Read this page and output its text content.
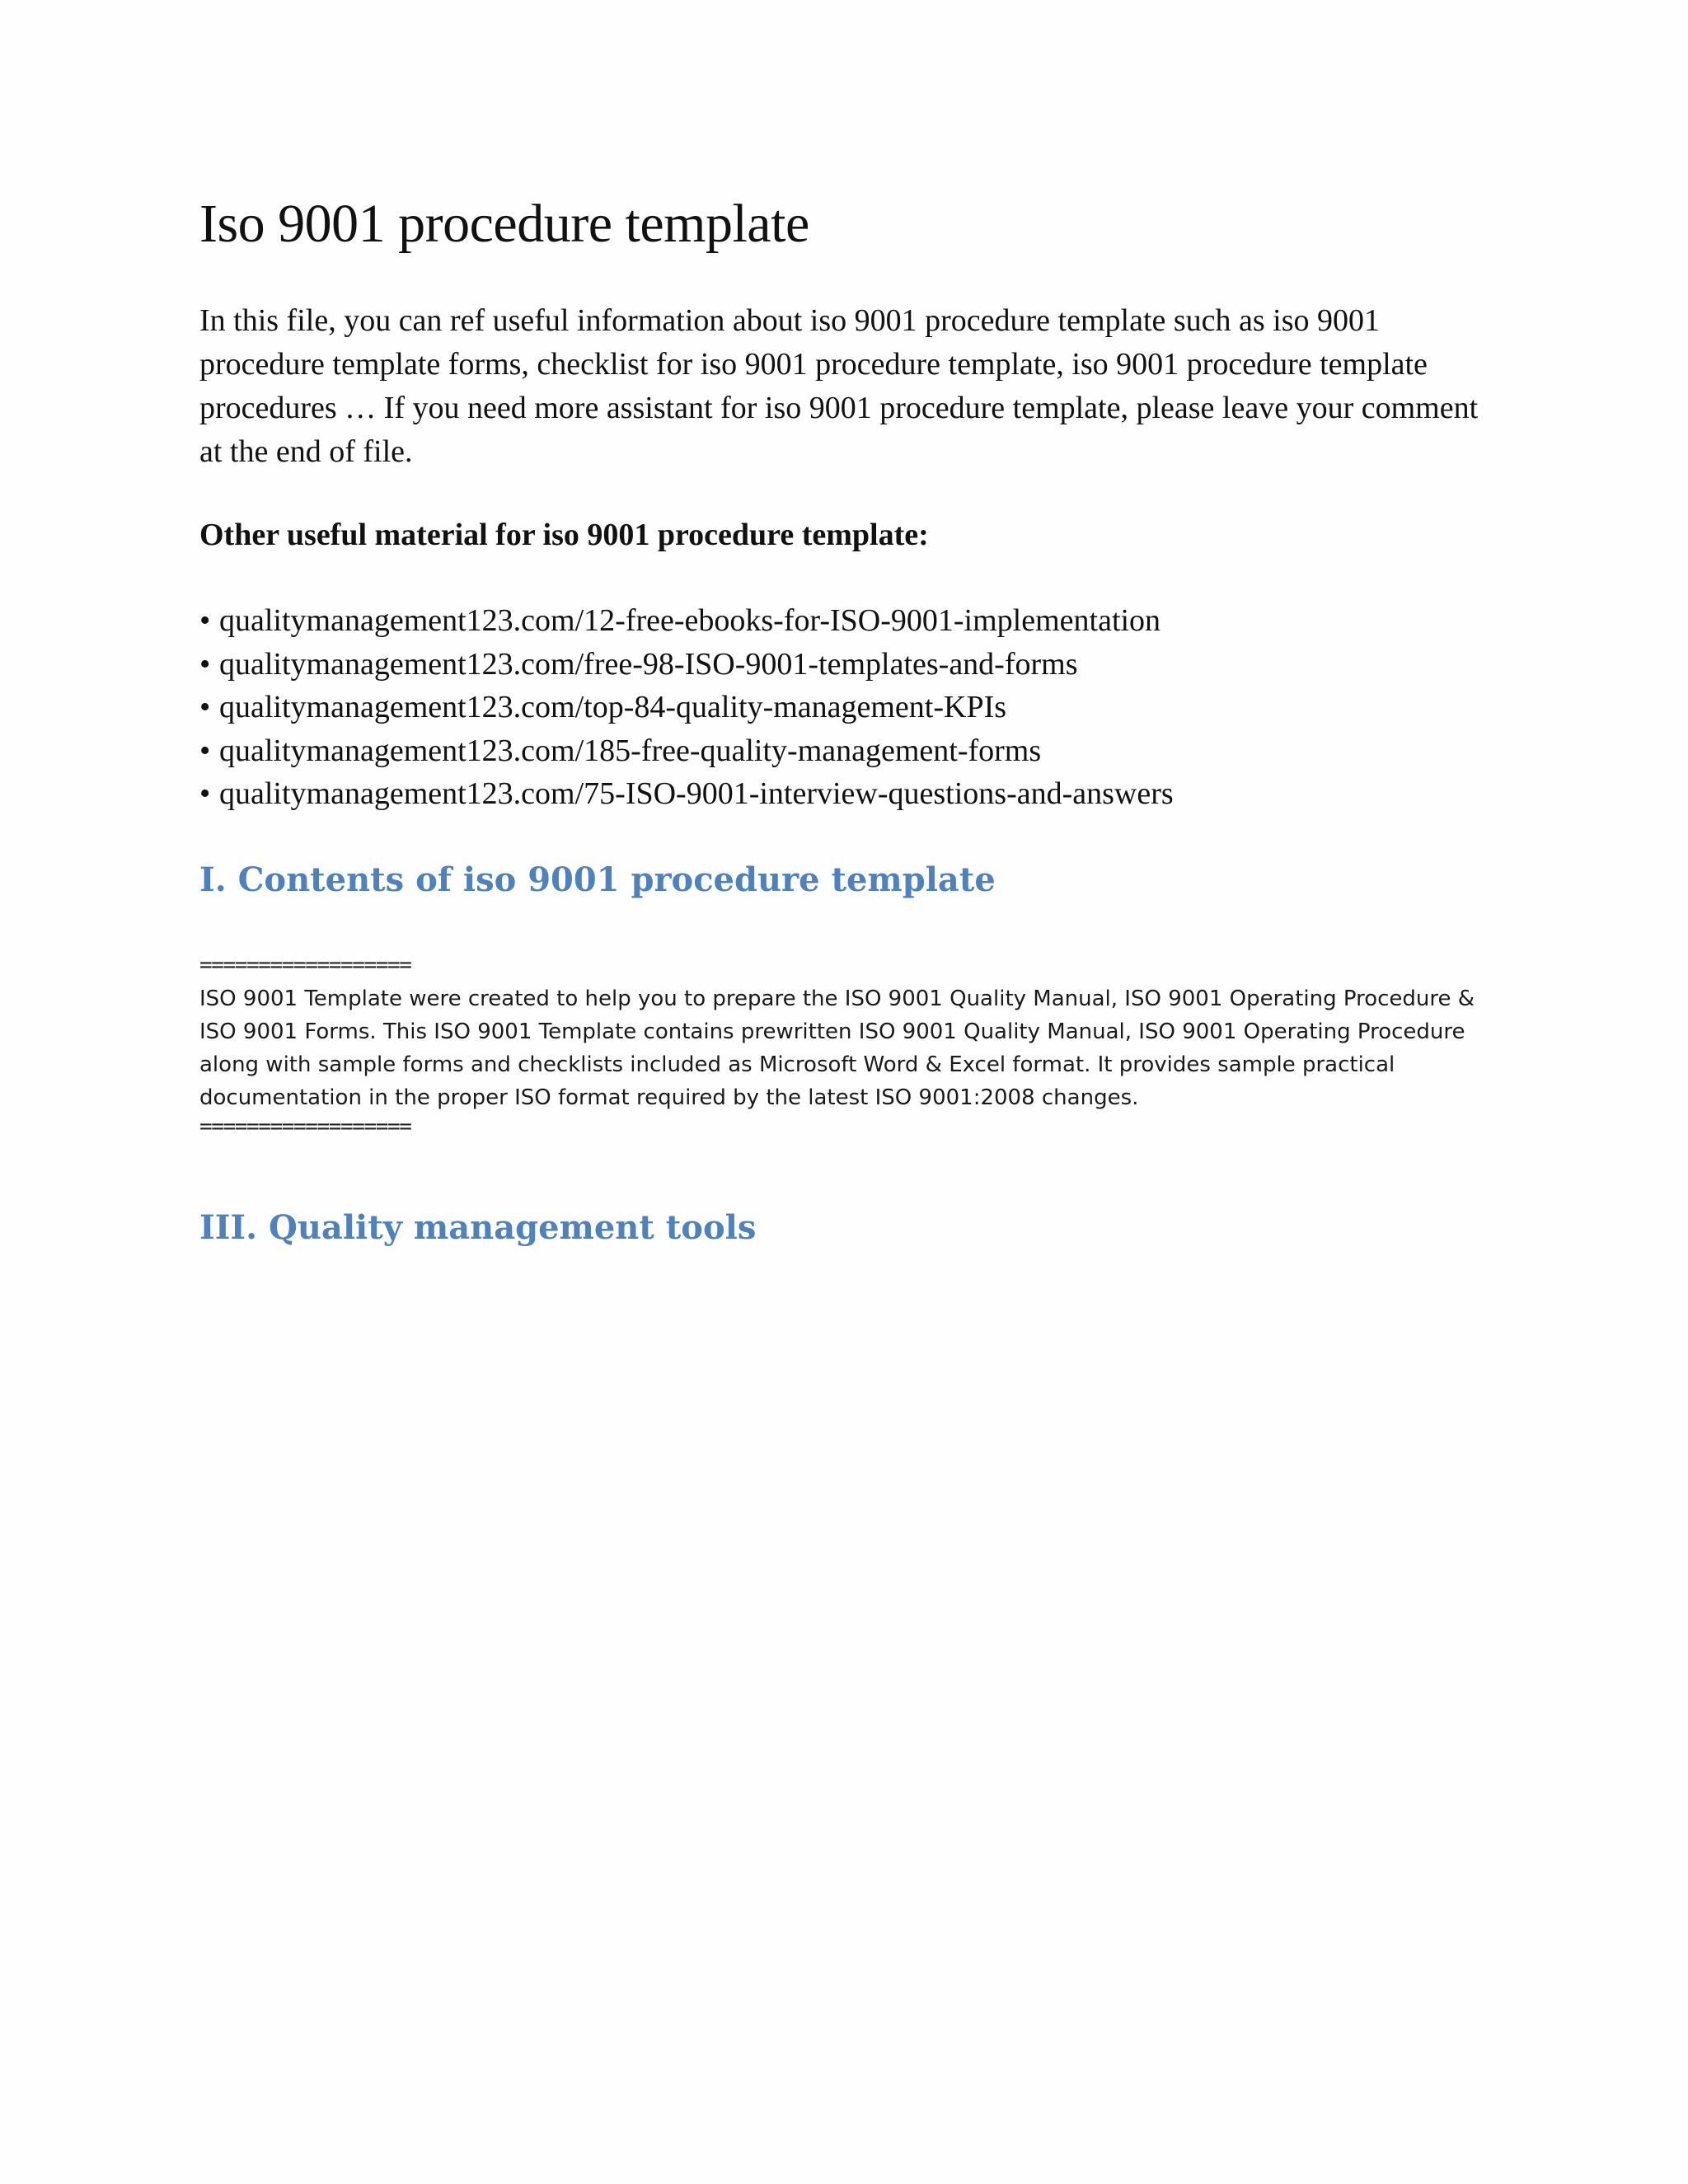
Iso 9001 procedure template

In this file, you can ref useful information about iso 9001 procedure template such as iso 9001 procedure template forms, checklist for iso 9001 procedure template, iso 9001 procedure template procedures … If you need more assistant for iso 9001 procedure template, please leave your comment at the end of file.

Other useful material for iso 9001 procedure template:

• qualitymanagement123.com/12-free-ebooks-for-ISO-9001-implementation
• qualitymanagement123.com/free-98-ISO-9001-templates-and-forms
• qualitymanagement123.com/top-84-quality-management-KPIs
• qualitymanagement123.com/185-free-quality-management-forms
• qualitymanagement123.com/75-ISO-9001-interview-questions-and-answers
I. Contents of iso 9001 procedure template
==================

ISO 9001 Template were created to help you to prepare the ISO 9001 Quality Manual, ISO 9001 Operating Procedure & ISO 9001 Forms. This ISO 9001 Template contains prewritten ISO 9001 Quality Manual, ISO 9001 Operating Procedure along with sample forms and checklists included as Microsoft Word & Excel format. It provides sample practical documentation in the proper ISO format required by the latest ISO 9001:2008 changes.

==================
III. Quality management tools
